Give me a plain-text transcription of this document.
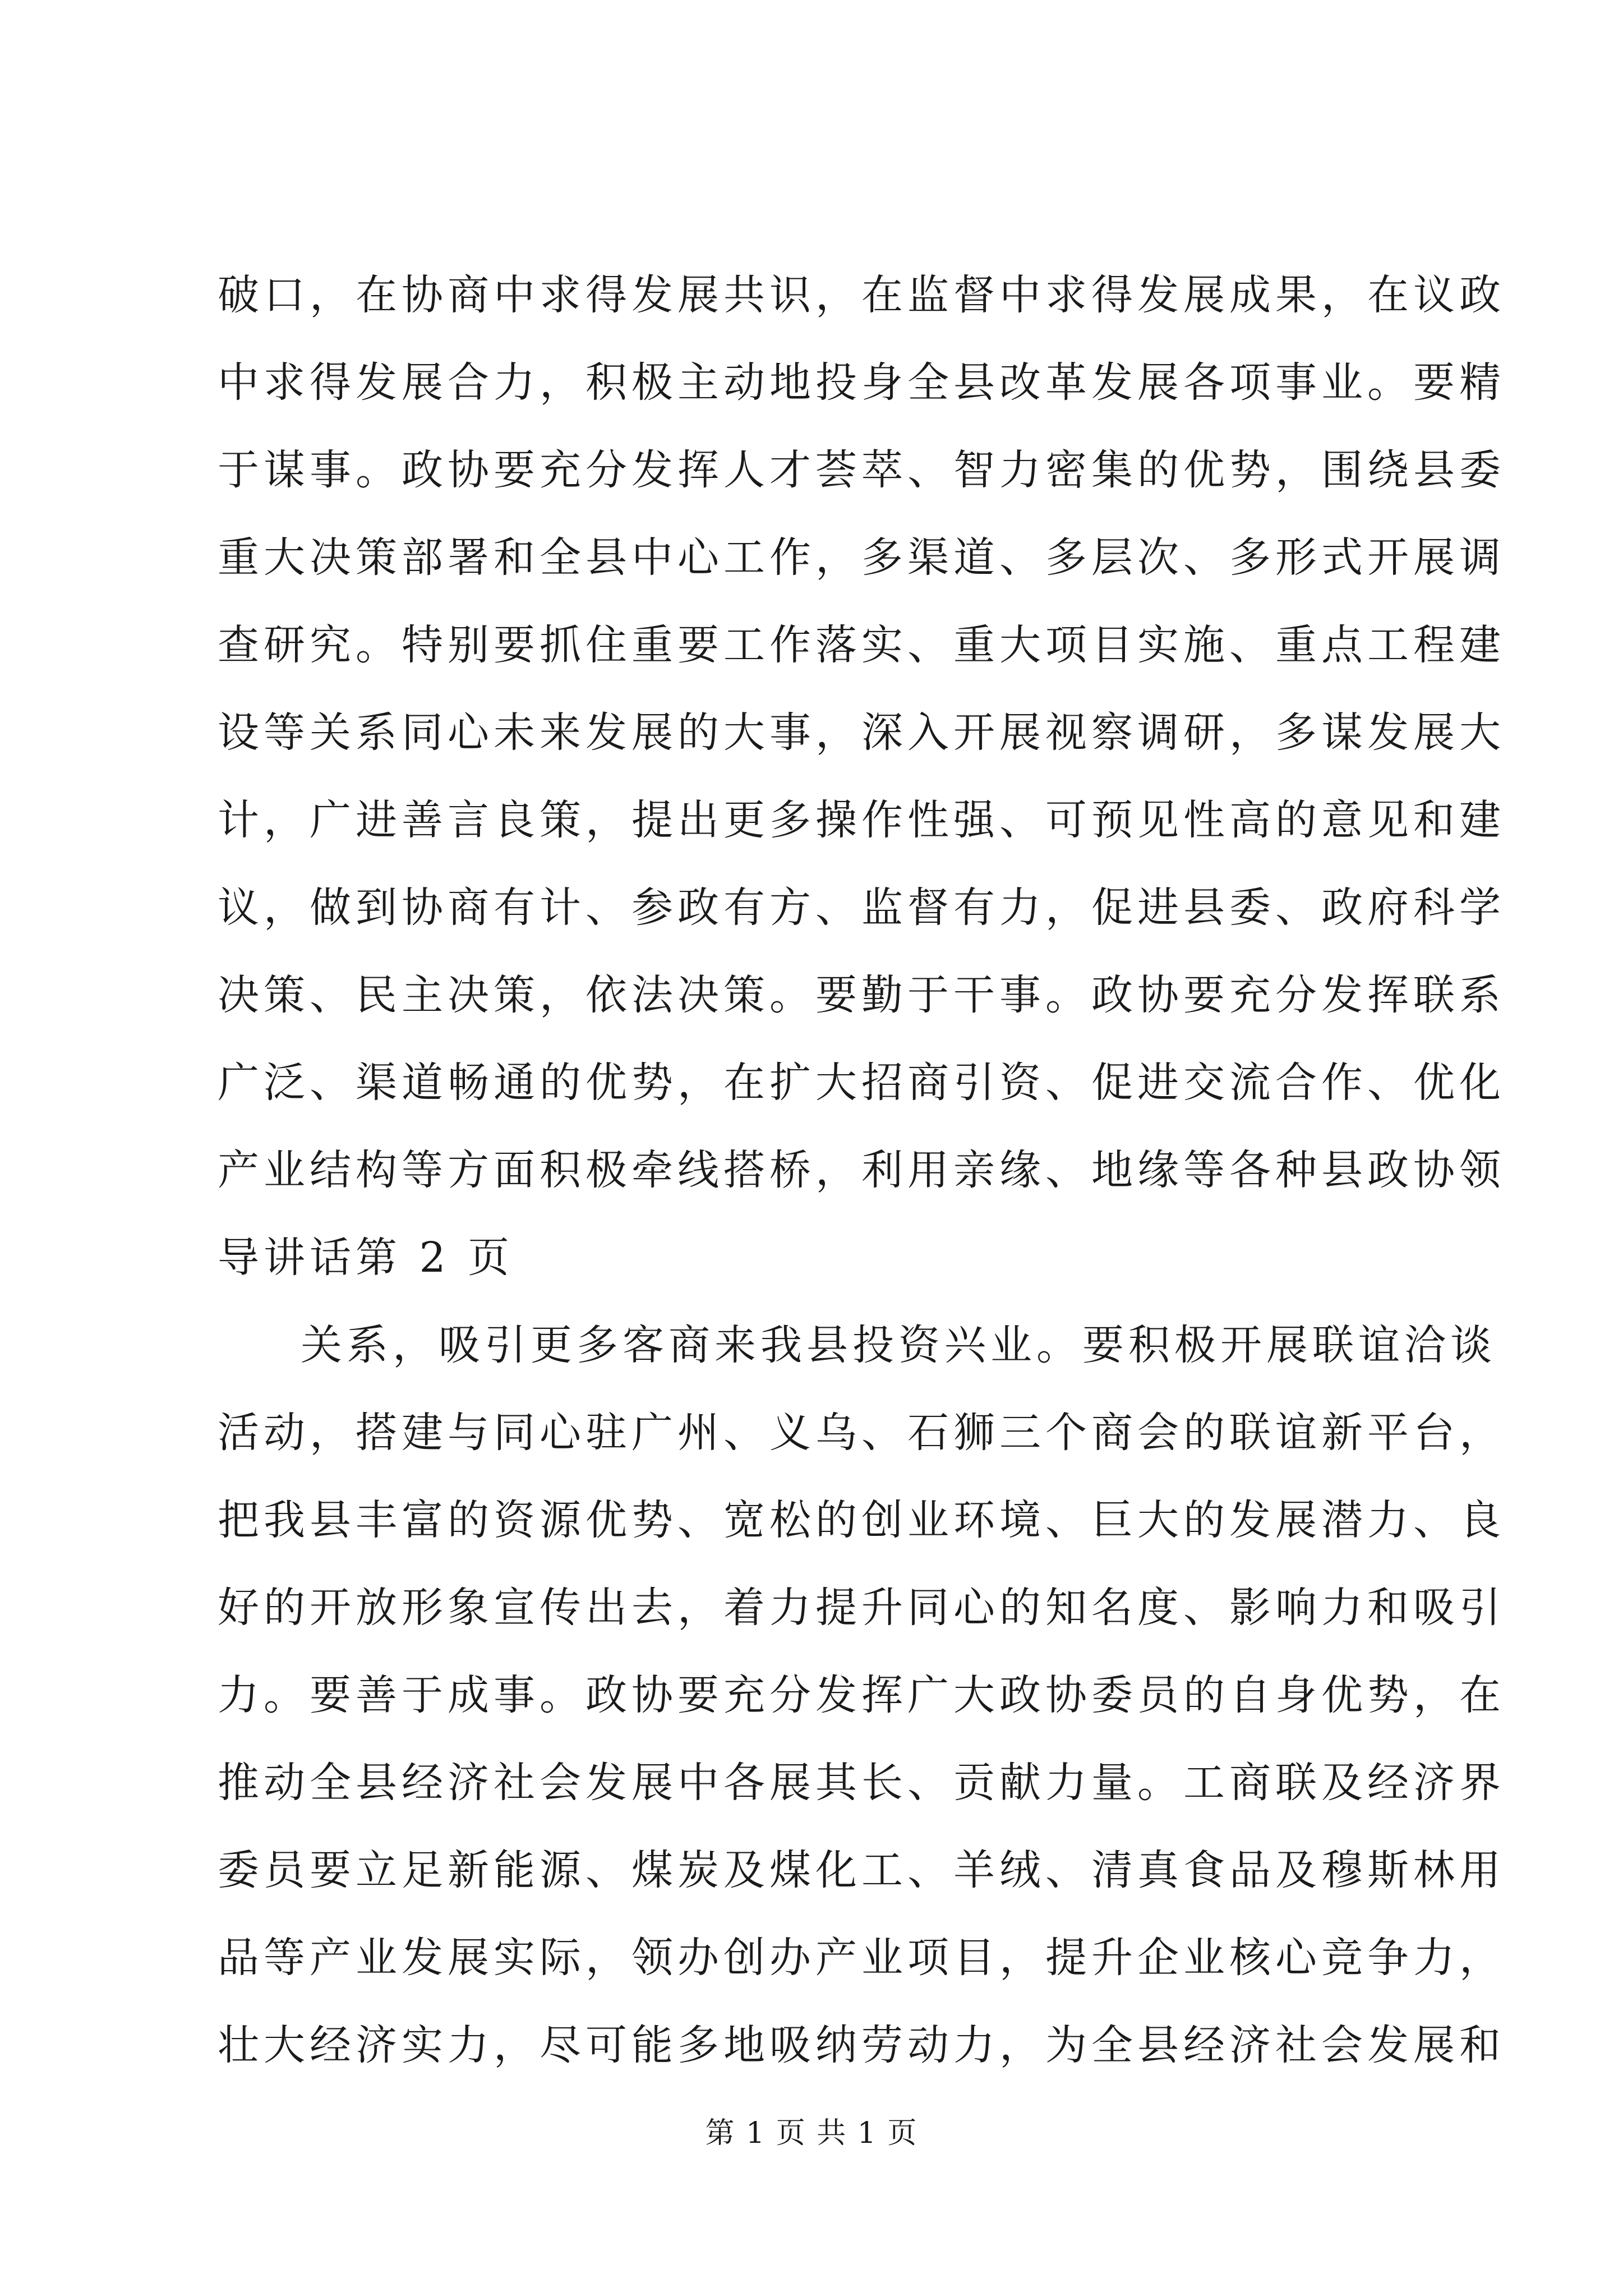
破口，在协商中求得发展共识，在监督中求得发展成果，在议政
中求得发展合力，积极主动地投身全县改革发展各项事业。要精
于谋事。政协要充分发挥人才荟萃、智力密集的优势，围绕县委
重大决策部署和全县中心工作，多渠道、多层次、多形式开展调
查研究。特别要抓住重要工作落实、重大项目实施、重点工程建
设等关系同心未来发展的大事，深入开展视察调研，多谋发展大
计，广进善言良策，提出更多操作性强、可预见性高的意见和建
议，做到协商有计、参政有方、监督有力，促进县委、政府科学
决策、民主决策，依法决策。要勤于干事。政协要充分发挥联系
广泛、渠道畅通的优势，在扩大招商引资、促进交流合作、优化
产业结构等方面积极牵线搭桥，利用亲缘、地缘等各种县政协领
导讲话第 2 页
关系，吸引更多客商来我县投资兴业。要积极开展联谊洽谈
活动，搭建与同心驻广州、义乌、石狮三个商会的联谊新平台，
把我县丰富的资源优势、宽松的创业环境、巨大的发展潜力、良
好的开放形象宣传出去，着力提升同心的知名度、影响力和吸引
力。要善于成事。政协要充分发挥广大政协委员的自身优势，在
推动全县经济社会发展中各展其长、贡献力量。工商联及经济界
委员要立足新能源、煤炭及煤化工、羊绒、清真食品及穆斯林用
品等产业发展实际，领办创办产业项目，提升企业核心竞争力，
壮大经济实力，尽可能多地吸纳劳动力，为全县经济社会发展和
第 1 页 共 1 页
